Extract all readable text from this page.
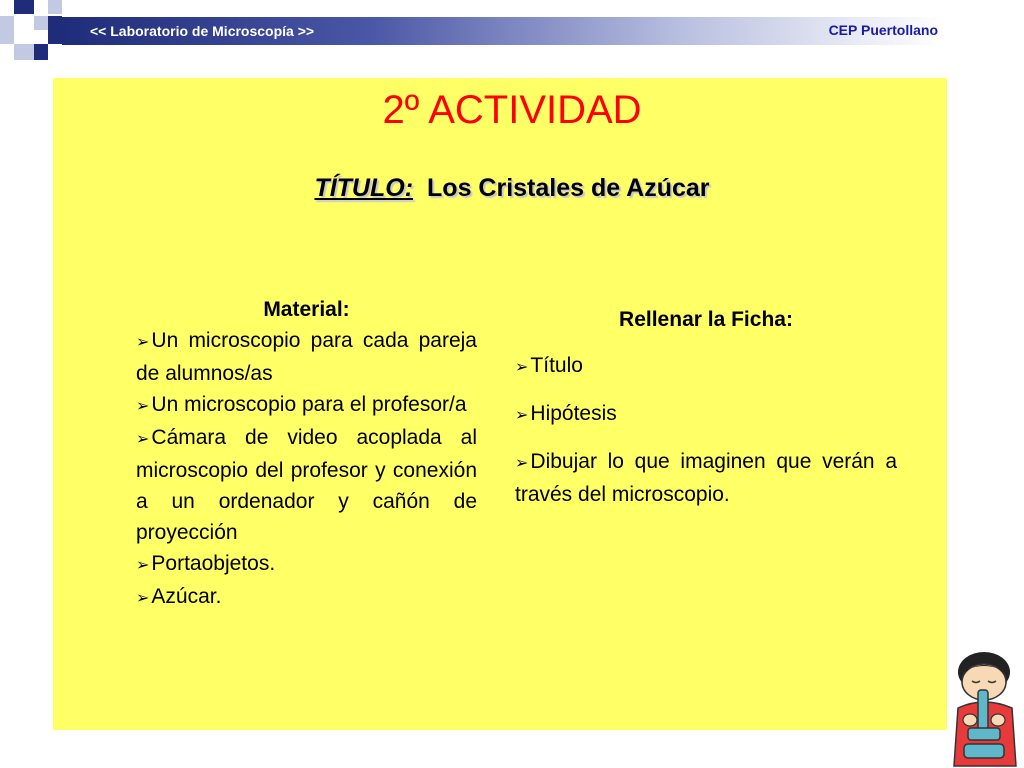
<< Laboratorio de Microscopía >>	CEP Puertollano
2º ACTIVIDAD
TÍTULO: Los Cristales de Azúcar
Material:
➢Un microscopio para cada pareja de alumnos/as
➢Un microscopio para el profesor/a
➢Cámara de video acoplada al microscopio del profesor y conexión a un ordenador y cañón de proyección
➢Portaobjetos.
➢Azúcar.
Rellenar la Ficha:
➢Título
➢Hipótesis
➢Dibujar lo que imaginen que verán a través del microscopio.
